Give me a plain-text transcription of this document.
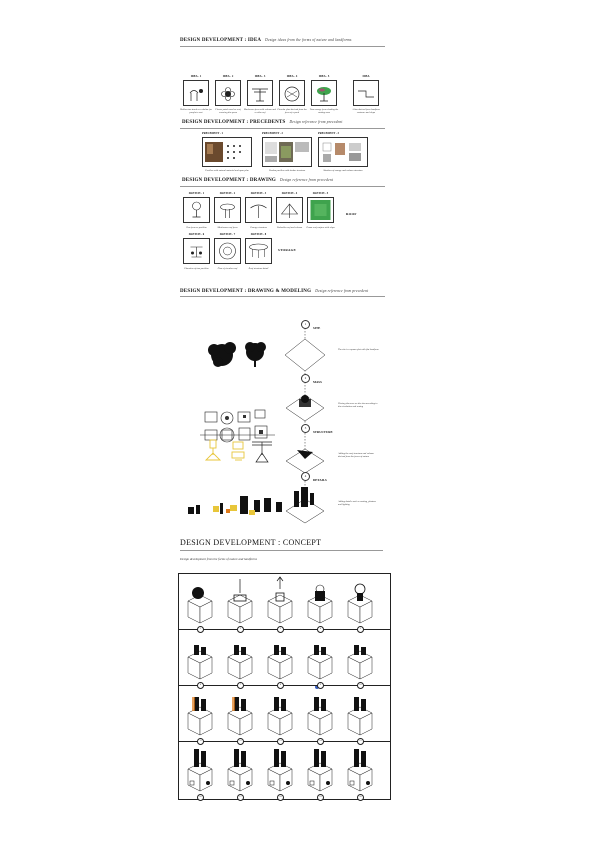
DESIGN DEVELOPMENT : IDEA Design ideas from the forms of nature and landforms
IDEA - 1
Hollow tree trunk as a shelter for people to rest
IDEA - 2
Flower petals used as roof covering the space
IDEA - 3
Mushroom form with column and a wide roof
IDEA - 4
Circular plan derived from the form of a pond
IDEA - 5
Tree canopy form shading the seating area
IDEA
A line derived from landform contours and slope
DESIGN DEVELOPMENT : PRECEDENTS Design reference from precedent
PRECEDENT - 1
Pavilion with natural material and open plan
PRECEDENT - 2
Garden pavilion with timber structure
PRECEDENT - 3
Sketches of canopy and column structure
DESIGN DEVELOPMENT : DRAWING Design reference from precedent
SKETCH - 1
Tree form as pavilion
SKETCH - 2
Mushroom roof form
SKETCH - 3
Canopy structure
SKETCH - 4
Umbrella roof and column
SKETCH - 5
Green roof surface with slope
SKETCH - 6
Elevation of tree pavilion
SKETCH - 7
Plan of circular roof
SKETCH - 8
Roof structure detail
ROOF
STORAGE
DESIGN DEVELOPMENT : DRAWING & MODELING Design reference from precedent
1
SITE
The site is a square plot with flat landform
2
MASS
Placing the mass on the site according to the circulation and zoning
3
STRUCTURE
Adding the roof structure and column derived from the forms of nature
4
DETAILS
Adding details such as seating, planters and lighting
DESIGN DEVELOPMENT : CONCEPT
Design development from the forms of nature and landforms
1	2	3	4	5
6	7	8	9	10
11	12	13	14	15
16	17	18	19	20
